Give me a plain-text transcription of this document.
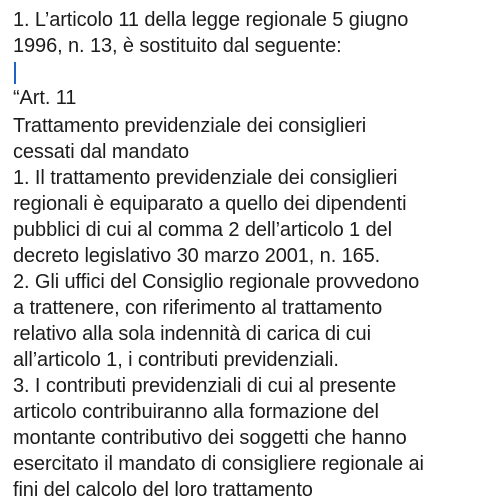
1. L’articolo 11 della legge regionale 5 giugno
1996, n. 13, è sostituito dal seguente:
“Art. 11
Trattamento previdenziale dei consiglieri
cessati dal mandato
1. Il trattamento previdenziale dei consiglieri
regionali è equiparato a quello dei dipendenti
pubblici di cui al comma 2 dell’articolo 1 del
decreto legislativo 30 marzo 2001, n. 165.
2. Gli uffici del Consiglio regionale provvedono
a trattenere, con riferimento al trattamento
relativo alla sola indennità di carica di cui
all’articolo 1, i contributi previdenziali.
3. I contributi previdenziali di cui al presente
articolo contribuiranno alla formazione del
montante contributivo dei soggetti che hanno
esercitato il mandato di consigliere regionale ai
fini del calcolo del loro trattamento
